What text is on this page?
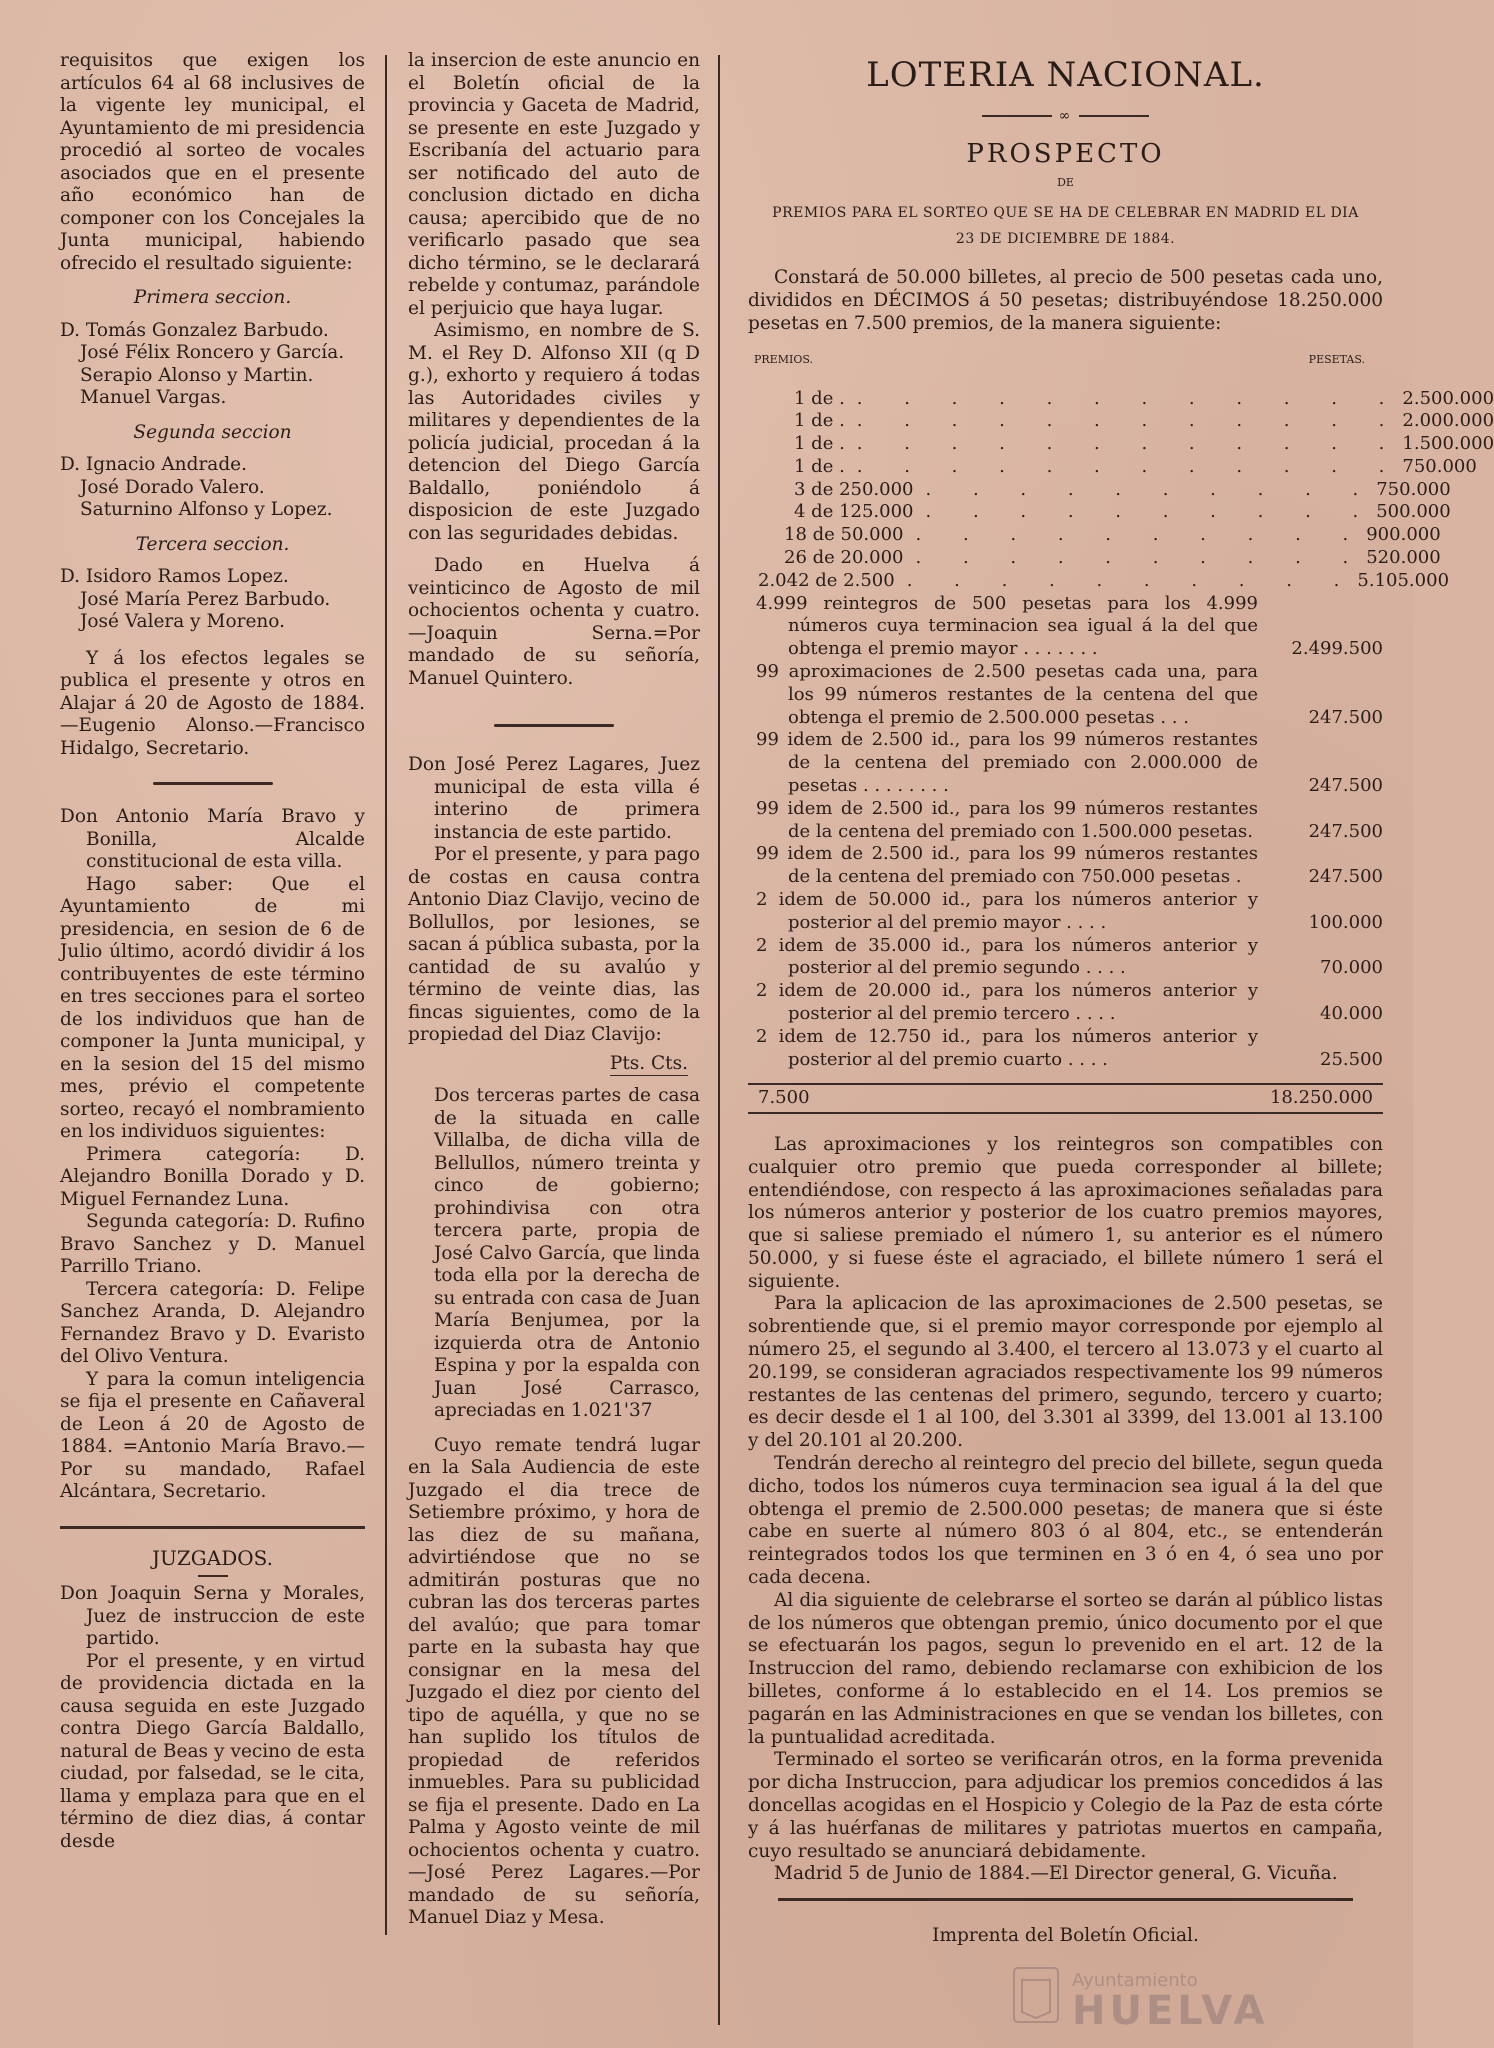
requisitos que exigen los artículos 64 al 68 inclusives de la vigente ley municipal, el Ayuntamiento de mi presidencia procedió al sorteo de vocales asociados que en el presente año económico han de componer con los Concejales la Junta municipal, habiendo ofrecido el resultado siguiente:

Primera seccion.

D. Tomás Gonzalez Barbudo.

José Félix Roncero y García.

Serapio Alonso y Martin.

Manuel Vargas.

Segunda seccion

D. Ignacio Andrade.

José Dorado Valero.

Saturnino Alfonso y Lopez.

Tercera seccion.

D. Isidoro Ramos Lopez.

José María Perez Barbudo.

José Valera y Moreno.

Y á los efectos legales se publica el presente y otros en Alajar á 20 de Agosto de 1884.—Eugenio Alonso.—Francisco Hidalgo, Secretario.

Don Antonio María Bravo y Bonilla, Alcalde constitucional de esta villa.

Hago saber: Que el Ayuntamiento de mi presidencia, en sesion de 6 de Julio último, acordó dividir á los contribuyentes de este término en tres secciones para el sorteo de los individuos que han de componer la Junta municipal, y en la sesion del 15 del mismo mes, prévio el competente sorteo, recayó el nombramiento en los individuos siguientes:

Primera categoría: D. Alejandro Bonilla Dorado y D. Miguel Fernandez Luna.

Segunda categoría: D. Rufino Bravo Sanchez y D. Manuel Parrillo Triano.

Tercera categoría: D. Felipe Sanchez Aranda, D. Alejandro Fernandez Bravo y D. Evaristo del Olivo Ventura.

Y para la comun inteligencia se fija el presente en Cañaveral de Leon á 20 de Agosto de 1884. =Antonio María Bravo.—Por su mandado, Rafael Alcántara, Secretario.

JUZGADOS.

Don Joaquin Serna y Morales, Juez de instruccion de este partido.

Por el presente, y en virtud de providencia dictada en la causa seguida en este Juzgado contra Diego García Baldallo, natural de Beas y vecino de esta ciudad, por falsedad, se le cita, llama y emplaza para que en el término de diez dias, á contar desde

la insercion de este anuncio en el Boletín oficial de la provincia y Gaceta de Madrid, se presente en este Juzgado y Escribanía del actuario para ser notificado del auto de conclusion dictado en dicha causa; apercibido que de no verificarlo pasado que sea dicho término, se le declarará rebelde y contumaz, parándole el perjuicio que haya lugar.

Asimismo, en nombre de S. M. el Rey D. Alfonso XII (q D g.), exhorto y requiero á todas las Autoridades civiles y militares y dependientes de la policía judicial, procedan á la detencion del Diego García Baldallo, poniéndolo á disposicion de este Juzgado con las seguridades debidas.

Dado en Huelva á veinticinco de Agosto de mil ochocientos ochenta y cuatro.—Joaquin Serna.=Por mandado de su señoría, Manuel Quintero.

Don José Perez Lagares, Juez municipal de esta villa é interino de primera instancia de este partido.

Por el presente, y para pago de costas en causa contra Antonio Diaz Clavijo, vecino de Bollullos, por lesiones, se sacan á pública subasta, por la cantidad de su avalúo y término de veinte dias, las fincas siguientes, como de la propiedad del Diaz Clavijo:

Pts. Cts.

Dos terceras partes de casa de la situada en calle Villalba, de dicha villa de Bellullos, número treinta y cinco de gobierno; prohindivisa con otra tercera parte, propia de José Calvo García, que linda toda ella por la derecha de su entrada con casa de Juan María Benjumea, por la izquierda otra de Antonio Espina y por la espalda con Juan José Carrasco, apreciadas en 1.021'37

Cuyo remate tendrá lugar en la Sala Audiencia de este Juzgado el dia trece de Setiembre próximo, y hora de las diez de su mañana, advirtiéndose que no se admitirán posturas que no cubran las dos terceras partes del avalúo; que para tomar parte en la subasta hay que consignar en la mesa del Juzgado el diez por ciento del tipo de aquélla, y que no se han suplido los títulos de propiedad de referidos inmuebles. Para su publicidad se fija el presente. Dado en La Palma y Agosto veinte de mil ochocientos ochenta y cuatro.—José Perez Lagares.—Por mandado de su señoría, Manuel Diaz y Mesa.

LOTERIA NACIONAL.
∞
PROSPECTO
DE
PREMIOS PARA EL SORTEO QUE SE HA DE CELEBRAR EN MADRID EL DIA
23 DE DICIEMBRE DE 1884.

Constará de 50.000 billetes, al precio de 500 pesetas cada uno, divididos en DÉCIMOS á 50 pesetas; distribuyéndose 18.250.000 pesetas en 7.500 premios, de la manera siguiente:

PREMIOS.	PESETAS.
1 de . . . . . . . . . . . . . 2.500.000
1 de . . . . . . . . . . . . . 2.000.000
1 de . . . . . . . . . . . . . 1.500.000
1 de . . . . . . . . . . . . . 750.000
3 de 250.000 . . . . . . . . . . 750.000
4 de 125.000 . . . . . . . . . . 500.000
18 de 50.000 . . . . . . . . . . 900.000
26 de 20.000 . . . . . . . . . . 520.000
2.042 de 2.500 . . . . . . . . . . 5.105.000
4.999 reintegros de 500 pesetas para los 4.999 números cuya terminacion sea igual á la del que obtenga el premio mayor . . . . . . .	2.499.500
99 aproximaciones de 2.500 pesetas cada una, para los 99 números restantes de la centena del que obtenga el premio de 2.500.000 pesetas . . .	247.500
99 idem de 2.500 id., para los 99 números restantes de la centena del premiado con 2.000.000 de pesetas . . . . . . . .	247.500
99 idem de 2.500 id., para los 99 números restantes de la centena del premiado con 1.500.000 pesetas.	247.500
99 idem de 2.500 id., para los 99 números restantes de la centena del premiado con 750.000 pesetas .	247.500
2 idem de 50.000 id., para los números anterior y posterior al del premio mayor . . . .	100.000
2 idem de 35.000 id., para los números anterior y posterior al del premio segundo . . . .	70.000
2 idem de 20.000 id., para los números anterior y posterior al del premio tercero . . . .	40.000
2 idem de 12.750 id., para los números anterior y posterior al del premio cuarto . . . .	25.500
7.500	18.250.000

Las aproximaciones y los reintegros son compatibles con cualquier otro premio que pueda corresponder al billete; entendiéndose, con respecto á las aproximaciones señaladas para los números anterior y posterior de los cuatro premios mayores, que si saliese premiado el número 1, su anterior es el número 50.000, y si fuese éste el agraciado, el billete número 1 será el siguiente.

Para la aplicacion de las aproximaciones de 2.500 pesetas, se sobrentiende que, si el premio mayor corresponde por ejemplo al número 25, el segundo al 3.400, el tercero al 13.073 y el cuarto al 20.199, se consideran agraciados respectivamente los 99 números restantes de las centenas del primero, segundo, tercero y cuarto; es decir desde el 1 al 100, del 3.301 al 3399, del 13.001 al 13.100 y del 20.101 al 20.200.

Tendrán derecho al reintegro del precio del billete, segun queda dicho, todos los números cuya terminacion sea igual á la del que obtenga el premio de 2.500.000 pesetas; de manera que si éste cabe en suerte al número 803 ó al 804, etc., se entenderán reintegrados todos los que terminen en 3 ó en 4, ó sea uno por cada decena.

Al dia siguiente de celebrarse el sorteo se darán al público listas de los números que obtengan premio, único documento por el que se efectuarán los pagos, segun lo prevenido en el art. 12 de la Instruccion del ramo, debiendo reclamarse con exhibicion de los billetes, conforme á lo establecido en el 14. Los premios se pagarán en las Administraciones en que se vendan los billetes, con la puntualidad acreditada.

Terminado el sorteo se verificarán otros, en la forma prevenida por dicha Instruccion, para adjudicar los premios concedidos á las doncellas acogidas en el Hospicio y Colegio de la Paz de esta córte y á las huérfanas de militares y patriotas muertos en campaña, cuyo resultado se anunciará debidamente.

Madrid 5 de Junio de 1884.—El Director general, G. Vicuña.

Imprenta del Boletín Oficial.
Ayuntamiento
HUELVA
